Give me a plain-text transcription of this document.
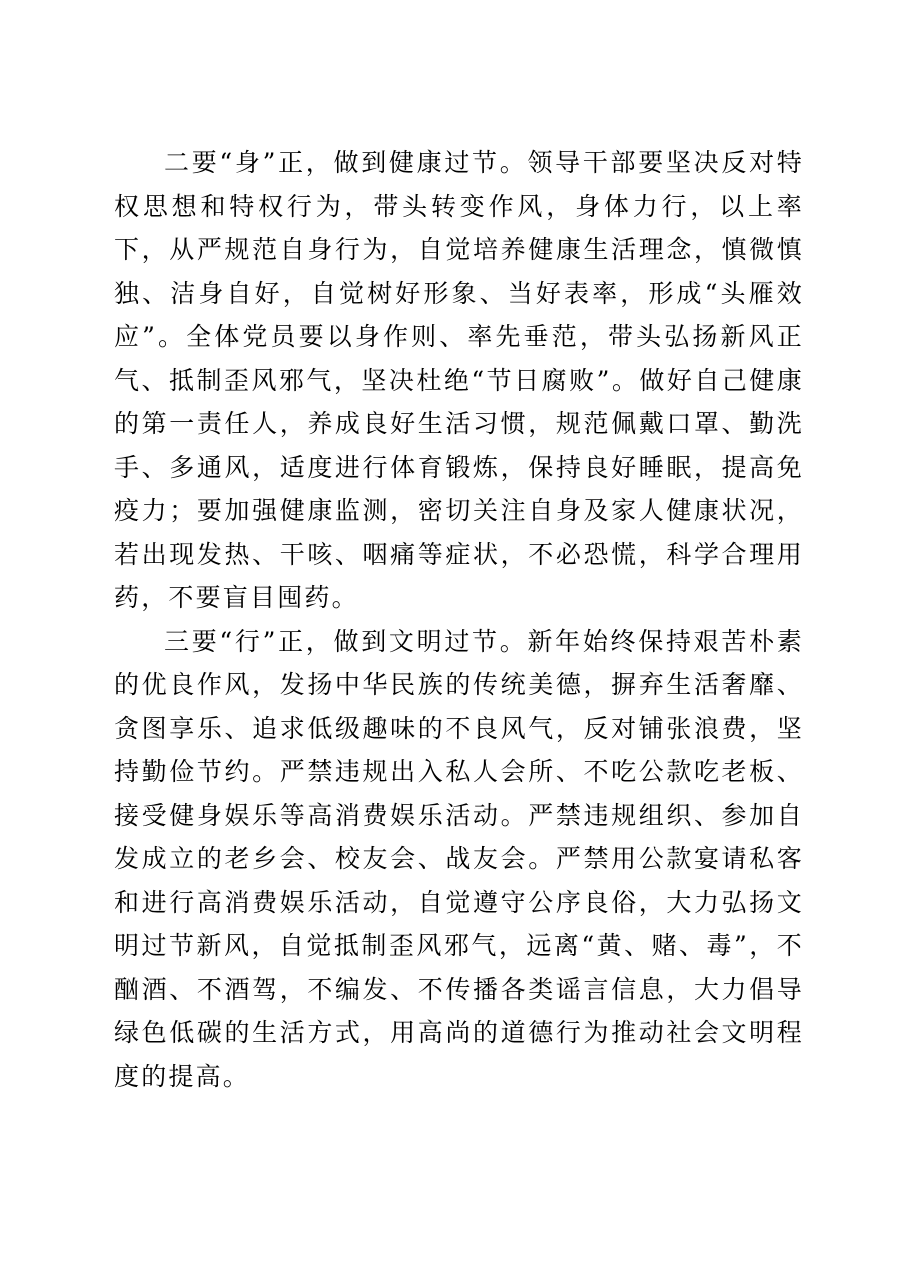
二要“身”正，做到健康过节。领导干部要坚决反对特权思想和特权行为，带头转变作风，身体力行，以上率下，从严规范自身行为，自觉培养健康生活理念，慎微慎独、洁身自好，自觉树好形象、当好表率，形成“头雁效应”。全体党员要以身作则、率先垂范，带头弘扬新风正气、抵制歪风邪气，坚决杜绝“节日腐败”。做好自己健康的第一责任人，养成良好生活习惯，规范佩戴口罩、勤洗手、多通风，适度进行体育锻炼，保持良好睡眠，提高免疫力；要加强健康监测，密切关注自身及家人健康状况，若出现发热、干咳、咽痛等症状，不必恐慌，科学合理用药，不要盲目囤药。

三要“行”正，做到文明过节。新年始终保持艰苦朴素的优良作风，发扬中华民族的传统美德，摒弃生活奢靡、贪图享乐、追求低级趣味的不良风气，反对铺张浪费，坚持勤俭节约。严禁违规出入私人会所、不吃公款吃老板、接受健身娱乐等高消费娱乐活动。严禁违规组织、参加自发成立的老乡会、校友会、战友会。严禁用公款宴请私客和进行高消费娱乐活动，自觉遵守公序良俗，大力弘扬文明过节新风，自觉抵制歪风邪气，远离“黄、赌、毒”，不酗酒、不酒驾，不编发、不传播各类谣言信息，大力倡导绿色低碳的生活方式，用高尚的道德行为推动社会文明程度的提高。
